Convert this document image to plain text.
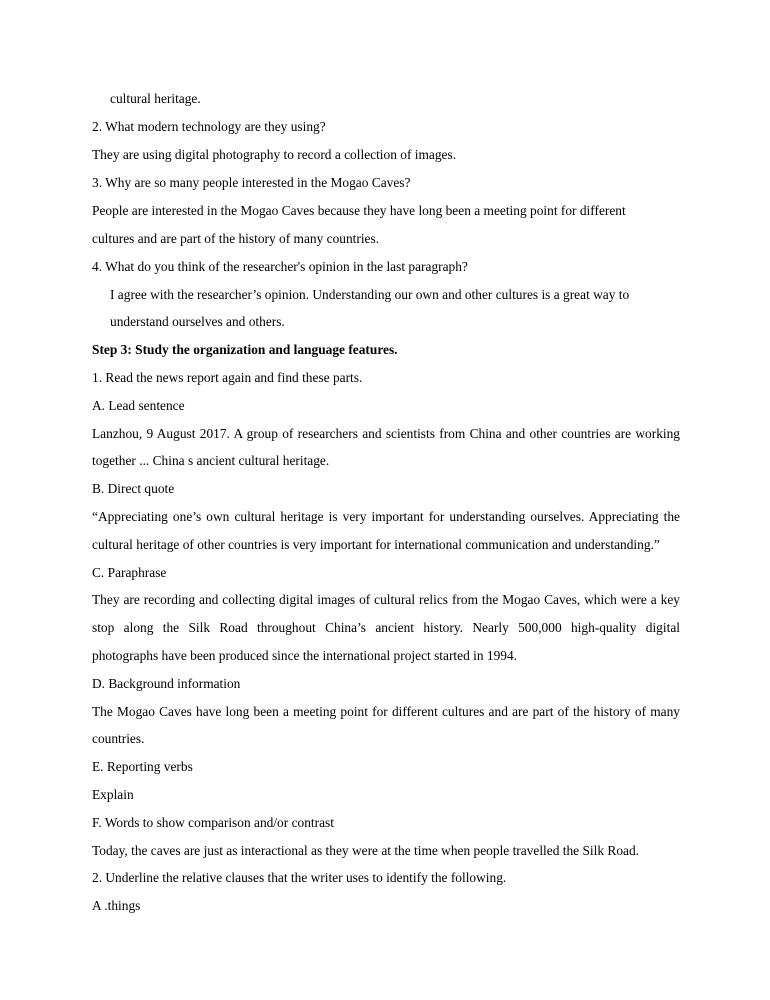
cultural heritage.
2. What modern technology are they using?
They are using digital photography to record a collection of images.
3. Why are so many people interested in the Mogao Caves?
People are interested in the Mogao Caves because they have long been a meeting point for different
cultures and are part of the history of many countries.
4. What do you think of the researcher's opinion in the last paragraph?
I agree with the researcher’s opinion. Understanding our own and other cultures is a great way to
understand ourselves and others.
Step 3: Study the organization and language features.
1. Read the news report again and find these parts.
A. Lead sentence
Lanzhou, 9 August 2017. A group of researchers and scientists from China and other countries are working
together ... China s ancient cultural heritage.
B. Direct quote
“Appreciating one’s own cultural heritage is very important for understanding ourselves. Appreciating the
cultural heritage of other countries is very important for international communication and understanding.”
C. Paraphrase
They are recording and collecting digital images of cultural relics from the Mogao Caves, which were a key
stop along the Silk Road throughout China’s ancient history. Nearly 500,000 high-quality digital
photographs have been produced since the international project started in 1994.
D. Background information
The Mogao Caves have long been a meeting point for different cultures and are part of the history of many
countries.
E. Reporting verbs
Explain
F. Words to show comparison and/or contrast
Today, the caves are just as interactional as they were at the time when people travelled the Silk Road.
2. Underline the relative clauses that the writer uses to identify the following.
A .things
